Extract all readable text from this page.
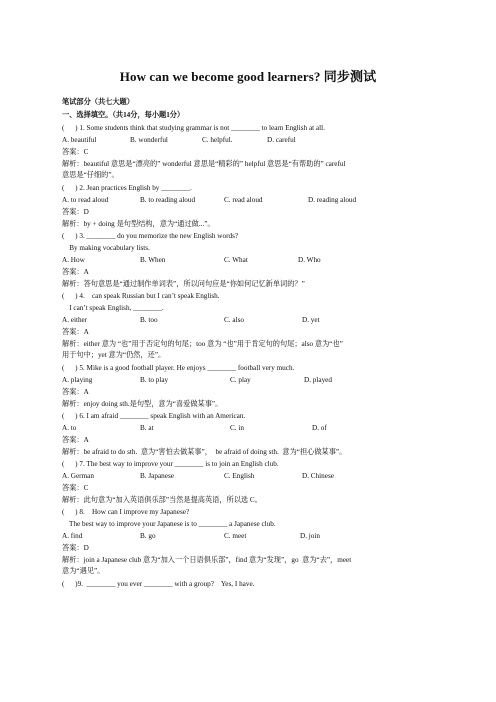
How can we become good learners? 同步测试
笔试部分（共七大题）
一、选择填空。（共14分，每小题1分）
(      ) 1. Some students think that studying grammar is not ________ to learn English at all.
A. beautiful	B. wonderful	C. helpful.	D. careful
答案：C
解析：beautiful 意思是“漂亮的” wonderful 意思是“精彩的” helpful 意思是“有帮助的” careful
意思是“仔细的”。
(      ) 2. Jean practices English by ________.
A. to read aloud	B. to reading aloud	C. read aloud	D. reading aloud
答案：D
解析：by + doing 是句型结构，意为“通过做...”。
(      ) 3. ________ do you memorize the new English words?
By making vocabulary lists.
A. How	B. When	C. What	D. Who
答案：A
解析：答句意思是“通过制作单词表”，所以问句应是“你如何记忆新单词的？”
(      ) 4.    can speak Russian but I can’t speak English.
I can’t speak English, ________.
A. either	B. too	C. also	D. yet
答案：A
解析：either 意为 “也”用于否定句的句尾；too 意为 “也”用于肯定句的句尾；also 意为“也”
用于句中；yet 意为“仍然，还”。
(      ) 5. Mike is a good football player. He enjoys ________ football very much.
A. playing	B. to play	C. play	D. played
答案：A
解析：enjoy doing sth.是句型，意为“喜爱做某事”。
(      ) 6. I am afraid ________ speak English with an American.
A. to	B. at	C. in	D. of
答案：A
解析：be afraid to do sth.  意为“害怕去做某事”，  be afraid of doing sth.  意为“担心做某事”。
(      ) 7. The best way to improve your ________ is to join an English club.
A. German	B. Japanese	C. English	D. Chinese
答案：C
解析：此句意为“加入英语俱乐部”当然是提高英语，所以选 C。
(      ) 8.    How can I improve my Japanese?
The best way to improve your Japanese is to ________ a Japanese club.
A. find	B. go	C. meet	D. join
答案：D
解析：join a Japanese club 意为“加入一个日语俱乐部”，find 意为“发现”，go  意为“去”，meet
意为“遇见”。
(      )9.  ________ you ever ________ with a group?    Yes, I have.
